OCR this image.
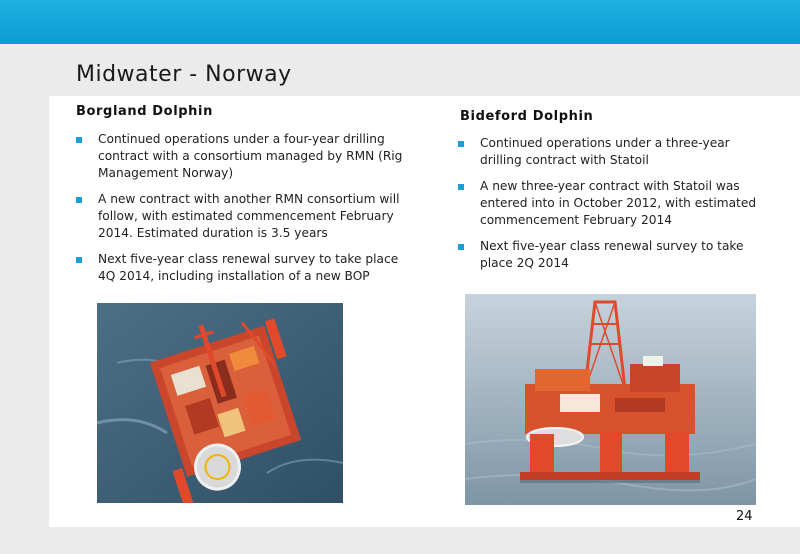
Midwater - Norway
Borgland Dolphin
Continued operations under a four-year drilling contract with a consortium managed by RMN (Rig Management Norway)
A new contract with another RMN consortium will follow, with estimated commencement February 2014. Estimated duration is 3.5 years
Next five-year class renewal survey to take place 4Q 2014, including installation of a new BOP
Bideford Dolphin
Continued operations under a three-year drilling contract with Statoil
A new three-year contract with Statoil was entered into in October 2012, with estimated commencement February 2014
Next five-year class renewal survey to take place 2Q 2014
24
